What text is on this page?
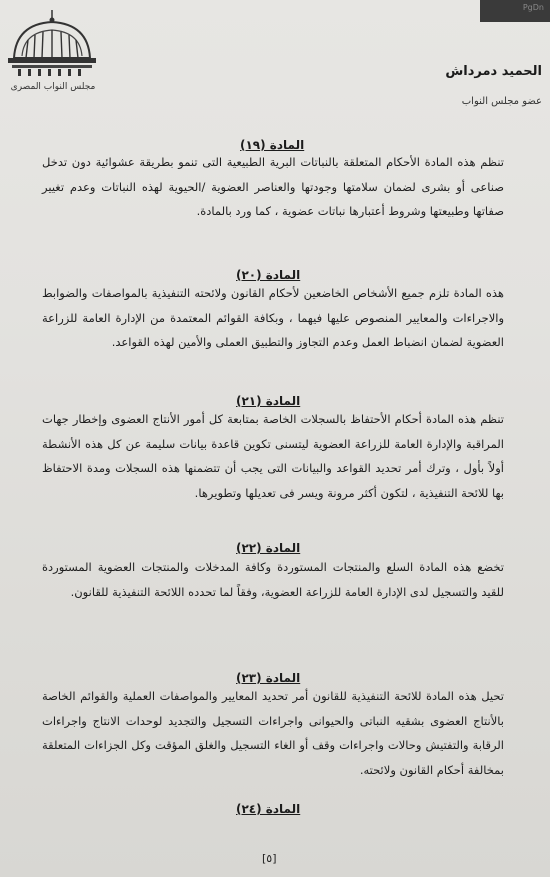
PgDn
مجلس النواب المصرى
الحميد دمرداش
عضو مجلس النواب
المادة (١٩)
تنظم هذه المادة الأحكام المتعلقة بالنباتات البرية الطبيعية التى تنمو بطريقة عشوائية دون تدخل صناعى أو بشرى لضمان سلامتها وجودتها والعناصر العضوية /الحيوية لهذه النباتات وعدم تغيير صفاتها وطبيعتها وشروط أعتبارها نباتات عضوية ، كما ورد بالمادة.
المادة (٢٠)
هذه المادة تلزم جميع الأشخاص الخاضعين لأحكام القانون ولائحته التنفيذية بالمواصفات والضوابط والاجراءات والمعايير المنصوص عليها فيهما ، وبكافة القوائم المعتمدة من الإدارة العامة للزراعة العضوية لضمان انضباط العمل وعدم التجاوز والتطبيق العملى والأمين لهذه القواعد.
المادة (٢١)
تنظم هذه المادة أحكام الأحتفاظ بالسجلات الخاصة بمتابعة كل أمور الأنتاج العضوى وإخطار جهات المراقبة والإدارة العامة للزراعة العضوية ليتسنى تكوين قاعدة بيانات سليمة عن كل هذه الأنشطة أولاً بأول ، وترك أمر تحديد القواعد والبيانات التى يجب أن تتضمنها هذه السجلات ومدة الاحتفاظ بها للائحة التنفيذية ، لتكون أكثر مرونة ويسر فى تعديلها وتطويرها.
المادة (٢٢)
تخضع هذه المادة السلع والمنتجات المستوردة وكافة المدخلات والمنتجات العضوية المستوردة للقيد والتسجيل لدى الإدارة العامة للزراعة العضوية، وفقاً لما تحدده اللائحة التنفيذية للقانون.
المادة (٢٣)
تحيل هذه المادة للائحة التنفيذية للقانون أمر تحديد المعايير والمواصفات العملية والقوائم الخاصة بالأنتاج العضوى بشقيه النباتى والحيوانى واجراءات التسجيل والتجديد لوحدات الانتاج واجراءات الرقابة والتفتيش وحالات واجراءات وقف أو الغاء التسجيل والغلق المؤقت وكل الجزاءات المتعلقة بمخالفة أحكام القانون ولائحته.
المادة (٢٤)
[٥]
